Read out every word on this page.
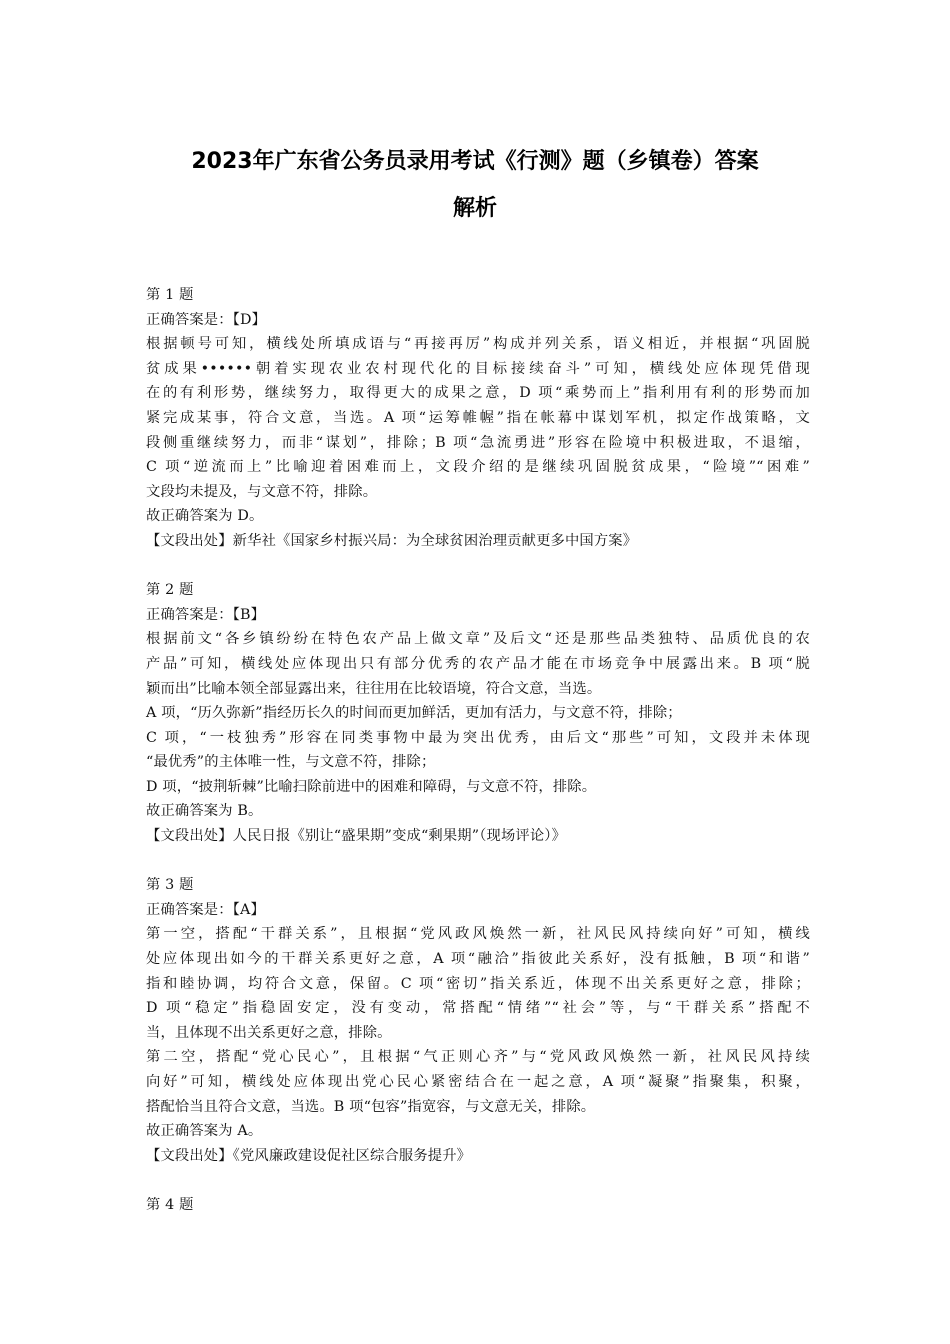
2023年广东省公务员录用考试《行测》题（乡镇卷）答案
解析

第 1 题

正确答案是：【D】

根据顿号可知，横线处所填成语与“再接再厉”构成并列关系，语义相近，并根据“巩固脱

贫成果••••••朝着实现农业农村现代化的目标接续奋斗”可知，横线处应体现凭借现

在的有利形势，继续努力，取得更大的成果之意，D 项“乘势而上”指利用有利的形势而加

紧完成某事，符合文意，当选。A 项“运筹帷幄”指在帐幕中谋划军机，拟定作战策略，文

段侧重继续努力，而非“谋划”，排除；B 项“急流勇进”形容在险境中积极进取，不退缩，

C 项“逆流而上”比喻迎着困难而上，文段介绍的是继续巩固脱贫成果，“险境”“困难”

文段均未提及，与文意不符，排除。

故正确答案为 D。

【文段出处】新华社《国家乡村振兴局：为全球贫困治理贡献更多中国方案》

第 2 题

正确答案是：【B】

根据前文“各乡镇纷纷在特色农产品上做文章”及后文“还是那些品类独特、品质优良的农

产品”可知，横线处应体现出只有部分优秀的农产品才能在市场竞争中展露出来。B 项“脱

颖而出”比喻本领全部显露出来，往往用在比较语境，符合文意，当选。

A 项，“历久弥新”指经历长久的时间而更加鲜活，更加有活力，与文意不符，排除；

C 项，“一枝独秀”形容在同类事物中最为突出优秀，由后文“那些”可知，文段并未体现

“最优秀”的主体唯一性，与文意不符，排除；

D 项，“披荆斩棘”比喻扫除前进中的困难和障碍，与文意不符，排除。

故正确答案为 B。

【文段出处】人民日报《别让“盛果期”变成“剩果期”（现场评论）》

第 3 题

正确答案是：【A】

第一空，搭配“干群关系”，且根据“党风政风焕然一新，社风民风持续向好”可知，横线

处应体现出如今的干群关系更好之意，A 项“融洽”指彼此关系好，没有抵触，B 项“和谐”

指和睦协调，均符合文意，保留。C 项“密切”指关系近，体现不出关系更好之意，排除；

D 项“稳定”指稳固安定，没有变动，常搭配“情绪”“社会”等，与“干群关系”搭配不

当，且体现不出关系更好之意，排除。

第二空，搭配“党心民心”，且根据“气正则心齐”与“党风政风焕然一新，社风民风持续

向好”可知，横线处应体现出党心民心紧密结合在一起之意，A 项“凝聚”指聚集，积聚，

搭配恰当且符合文意，当选。B 项“包容”指宽容，与文意无关，排除。

故正确答案为 A。

【文段出处】《党风廉政建设促社区综合服务提升》

第 4 题
